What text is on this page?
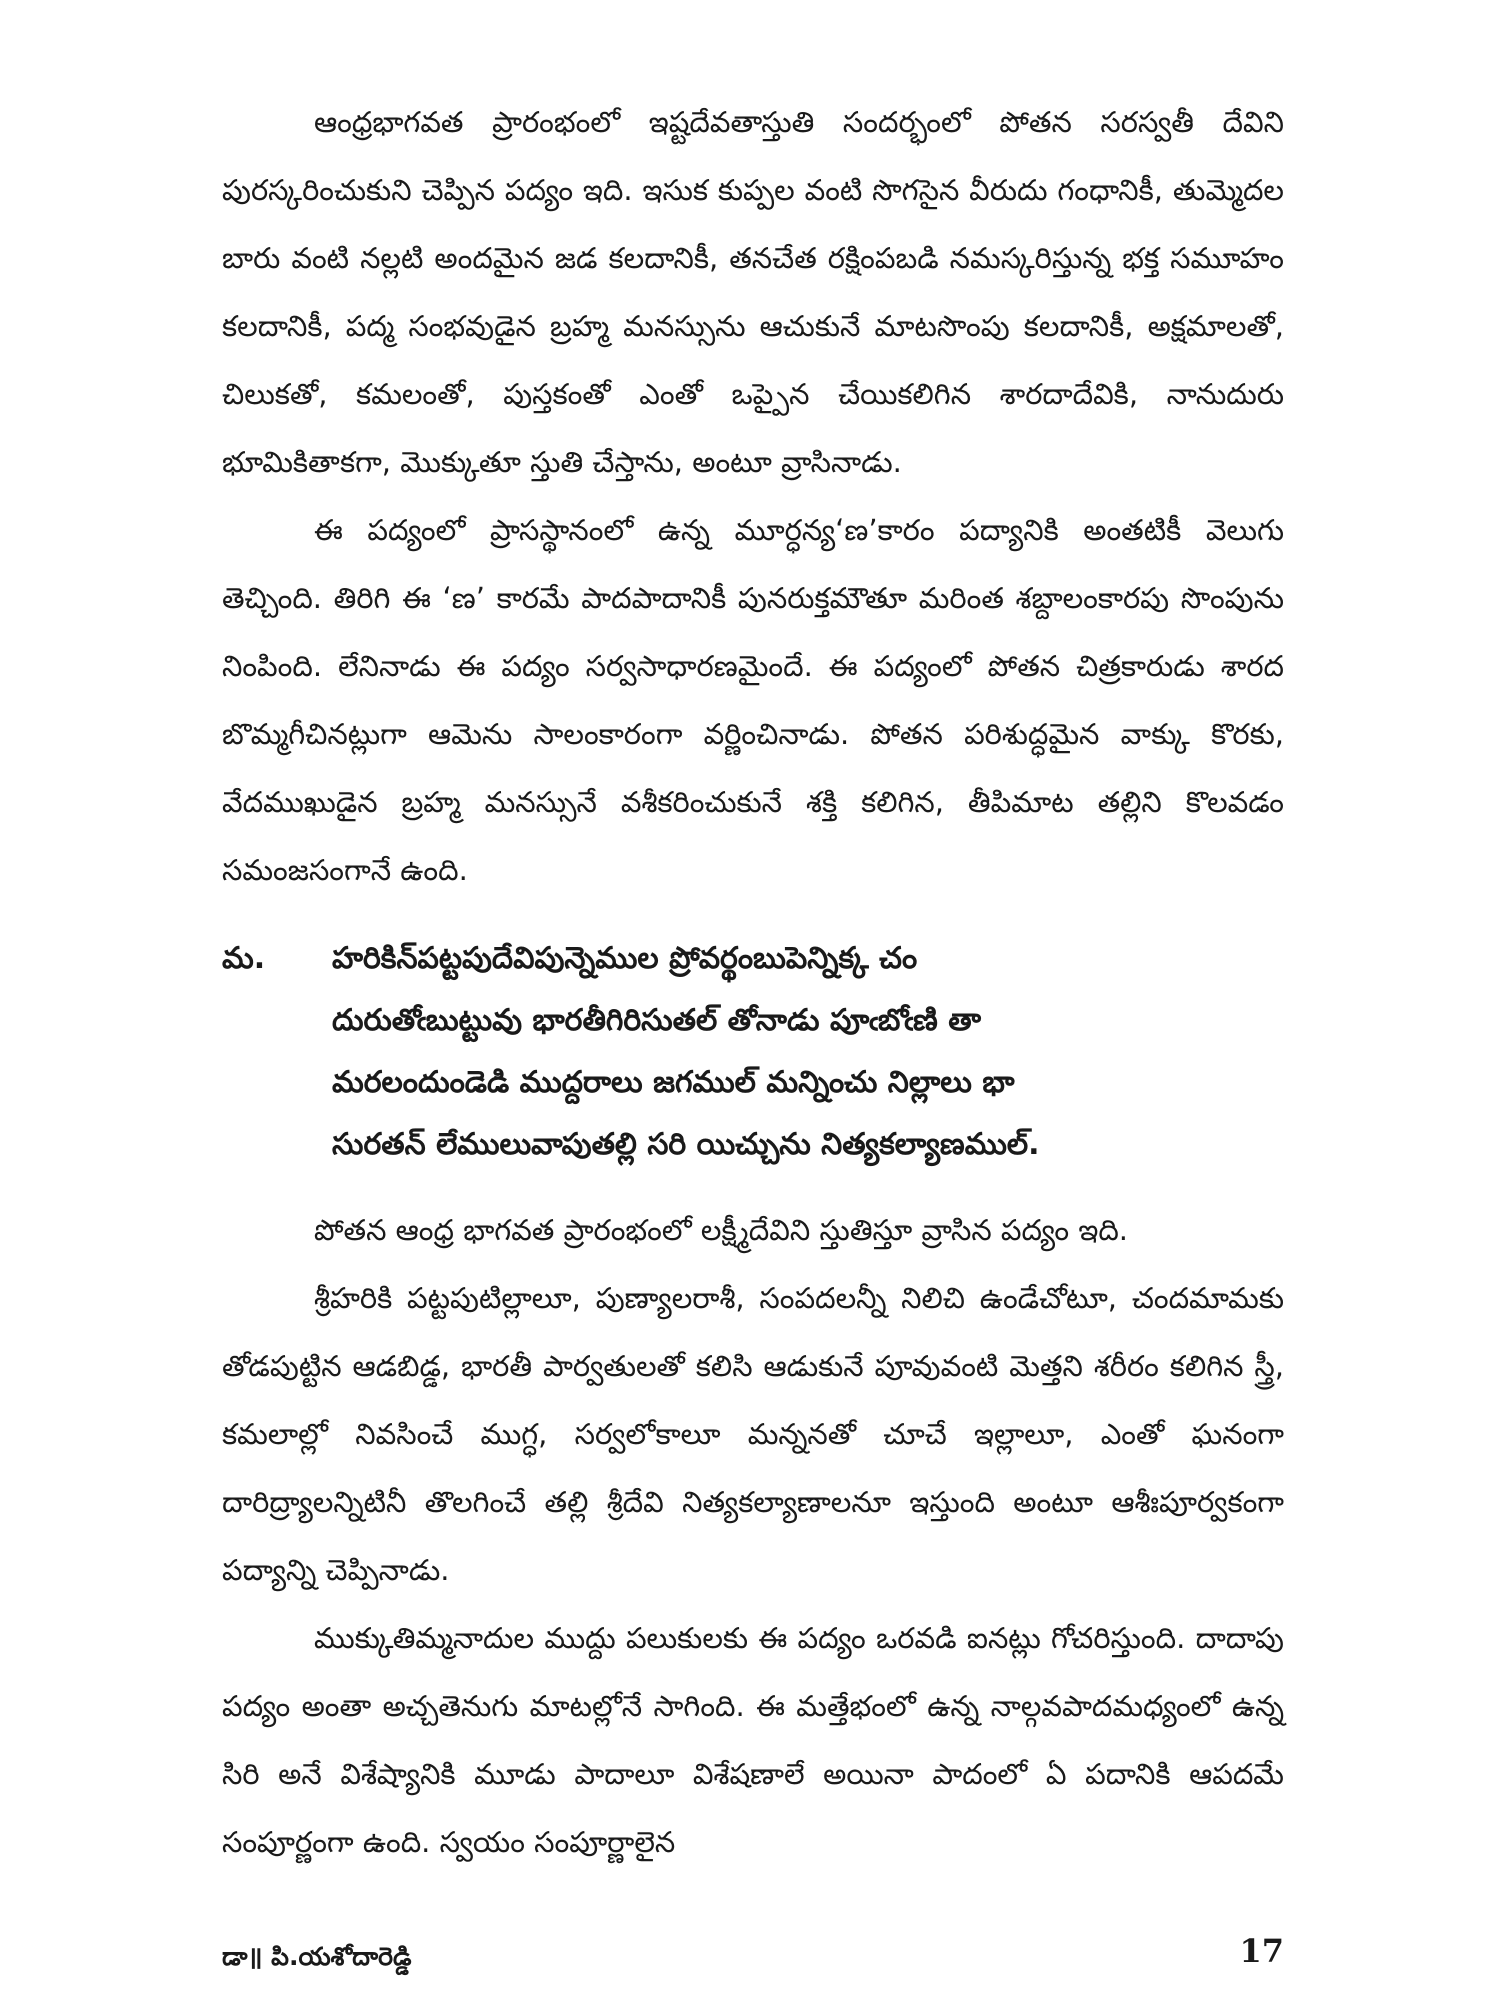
ఆంధ్రభాగవత ప్రారంభంలో ఇష్టదేవతాస్తుతి సందర్భంలో పోతన సరస్వతీ దేవిని పురస్కరించుకుని చెప్పిన పద్యం ఇది. ఇసుక కుప్పల వంటి సొగసైన వీరుదు గంధానికీ, తుమ్మెదల బారు వంటి నల్లటి అందమైన జడ కలదానికీ, తనచేత రక్షింపబడి నమస్కరిస్తున్న భక్త సమూహం కలదానికీ, పద్మ సంభవుడైన బ్రహ్మ మనస్సును ఆచుకునే మాటసొంపు కలదానికీ, అక్షమాలతో, చిలుకతో, కమలంతో, పుస్తకంతో ఎంతో ఒప్పైన చేయికలిగిన శారదాదేవికి, నానుదురు భూమికితాకగా, మొక్కుతూ స్తుతి చేస్తాను, అంటూ వ్రాసినాడు.

ఈ పద్యంలో ప్రాసస్థానంలో ఉన్న మూర్ధన్య‘ణ’కారం పద్యానికి అంతటికీ వెలుగు తెచ్చింది. తిరిగి ఈ ‘ణ’ కారమే పాదపాదానికీ పునరుక్తమౌతూ మరింత శబ్దాలంకారపు సొంపును నింపింది. లేనినాడు ఈ పద్యం సర్వసాధారణమైందే. ఈ పద్యంలో పోతన చిత్రకారుడు శారద బొమ్మగీచినట్లుగా ఆమెను సాలంకారంగా వర్ణించినాడు. పోతన పరిశుద్ధమైన వాక్కు కొరకు, వేదముఖుడైన బ్రహ్మ మనస్సునే వశీకరించుకునే శక్తి కలిగిన, తీపిమాట తల్లిని కొలవడం సమంజసంగానే ఉంది.

మ.	హరికిన్‌పట్టపుదేవిపున్నెముల ప్రోవర్థంబుపెన్నిక్క చం
దురుతోఁబుట్టువు భారతీగిరిసుతల్ తోనాడు పూఁబోఁణి తా
మరలందుండెడి ముద్దరాలు జగముల్ మన్నించు నిల్లాలు భా
సురతన్ లేములువాపుతల్లి సరి యిచ్చును నిత్యకల్యాణముల్.

పోతన ఆంధ్ర భాగవత ప్రారంభంలో లక్ష్మీదేవిని స్తుతిస్తూ వ్రాసిన పద్యం ఇది.

శ్రీహరికి పట్టపుటిల్లాలూ, పుణ్యాలరాశీ, సంపదలన్నీ నిలిచి ఉండేచోటూ, చందమామకు తోడపుట్టిన ఆడబిడ్డ, భారతీ పార్వతులతో కలిసి ఆడుకునే పూవువంటి మెత్తని శరీరం కలిగిన స్త్రీ, కమలాల్లో నివసించే ముగ్ధ, సర్వలోకాలూ మన్ననతో చూచే ఇల్లాలూ, ఎంతో ఘనంగా దారిద్ర్యాలన్నిటినీ తొలగించే తల్లి శ్రీదేవి నిత్యకల్యాణాలనూ ఇస్తుంది అంటూ ఆశీఃపూర్వకంగా పద్యాన్ని చెప్పినాడు.

ముక్కుతిమ్మనాదుల ముద్దు పలుకులకు ఈ పద్యం ఒరవడి ఐనట్లు గోచరిస్తుంది. దాదాపు పద్యం అంతా అచ్చతెనుగు మాటల్లోనే సాగింది. ఈ మత్తేభంలో ఉన్న నాల్గవపాదమధ్యంలో ఉన్న సిరి అనే విశేష్యానికి మూడు పాదాలూ విశేషణాలే అయినా పాదంలో ఏ పదానికి ఆపదమే సంపూర్ణంగా ఉంది. స్వయం సంపూర్ణాలైన

డా॥ పి.యశోదారెడ్డి	17
